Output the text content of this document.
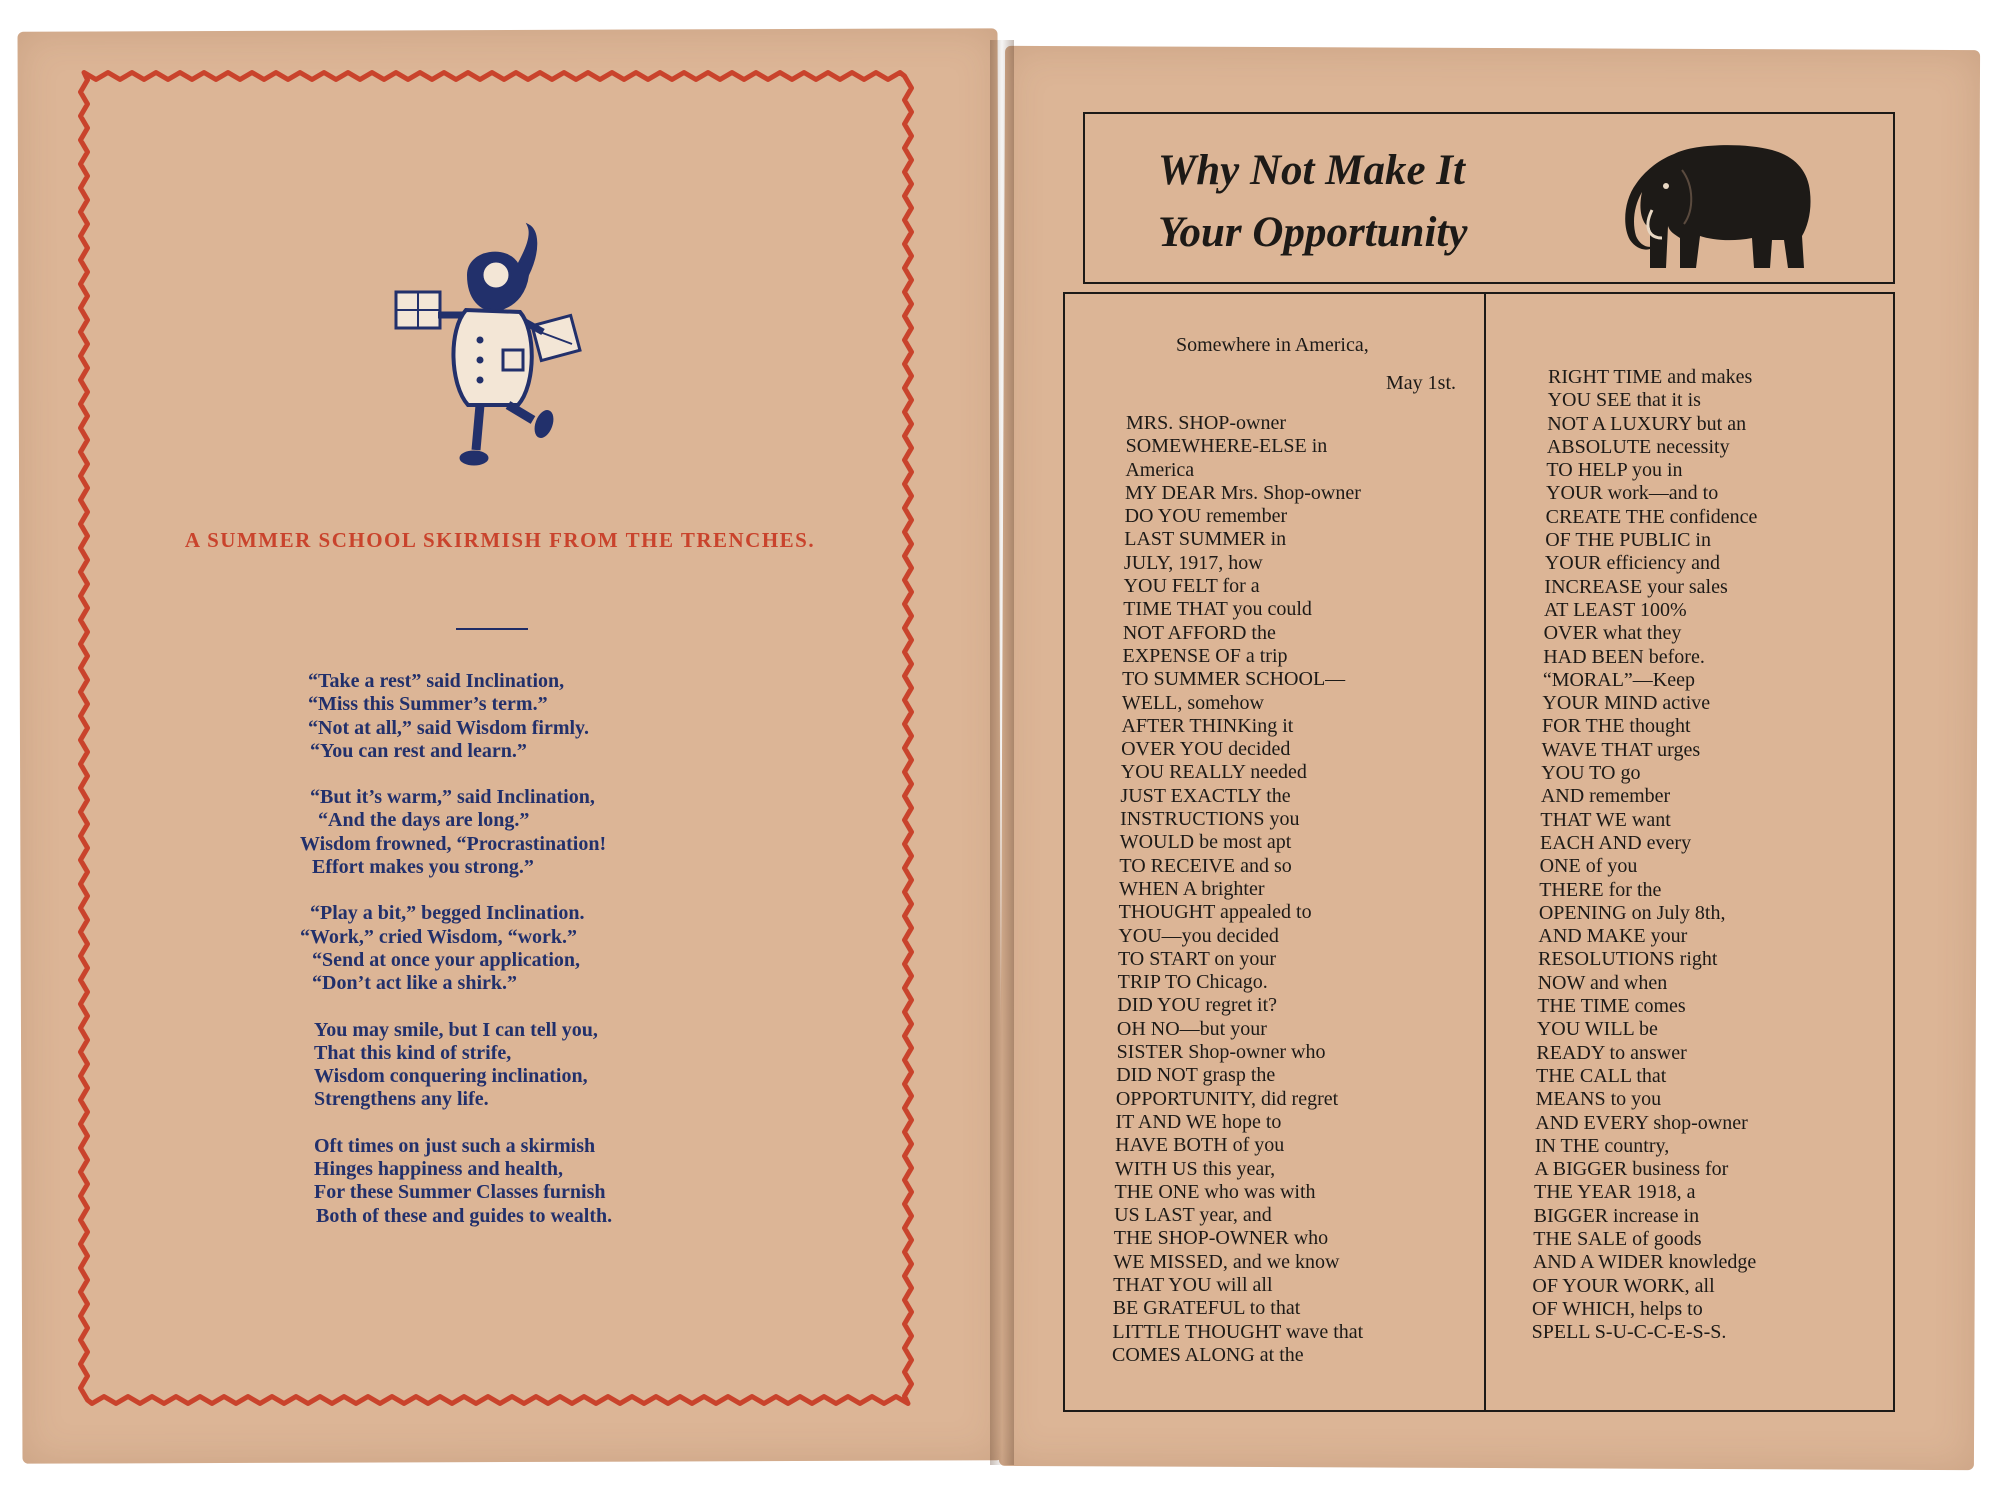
A SUMMER SCHOOL SKIRMISH FROM THE TRENCHES.
“Take a rest” said Inclination,
“Miss this Summer’s term.”
“Not at all,” said Wisdom firmly.
“You can rest and learn.”
“But it’s warm,” said Inclination,
“And the days are long.”
Wisdom frowned, “Procrastination!
Effort makes you strong.”
“Play a bit,” begged Inclination.
“Work,” cried Wisdom, “work.”
“Send at once your application,
“Don’t act like a shirk.”
You may smile, but I can tell you,
That this kind of strife,
Wisdom conquering inclination,
Strengthens any life.
Oft times on just such a skirmish
Hinges happiness and health,
For these Summer Classes furnish
Both of these and guides to wealth.
Why Not Make It
Your Opportunity
Somewhere in America,
May 1st.
MRS. SHOP-owner
SOMEWHERE-ELSE in
America
MY DEAR Mrs. Shop-owner
DO YOU remember
LAST SUMMER in
JULY, 1917, how
YOU FELT for a
TIME THAT you could
NOT AFFORD the
EXPENSE OF a trip
TO SUMMER SCHOOL—
WELL, somehow
AFTER THINKing it
OVER YOU decided
YOU REALLY needed
JUST EXACTLY the
INSTRUCTIONS you
WOULD be most apt
TO RECEIVE and so
WHEN A brighter
THOUGHT appealed to
YOU—you decided
TO START on your
TRIP TO Chicago.
DID YOU regret it?
OH NO—but your
SISTER Shop-owner who
DID NOT grasp the
OPPORTUNITY, did regret
IT AND WE hope to
HAVE BOTH of you
WITH US this year,
THE ONE who was with
US LAST year, and
THE SHOP-OWNER who
WE MISSED, and we know
THAT YOU will all
BE GRATEFUL to that
LITTLE THOUGHT wave that
COMES ALONG at the
RIGHT TIME and makes
YOU SEE that it is
NOT A LUXURY but an
ABSOLUTE necessity
TO HELP you in
YOUR work—and to
CREATE THE confidence
OF THE PUBLIC in
YOUR efficiency and
INCREASE your sales
AT LEAST 100%
OVER what they
HAD BEEN before.
“MORAL”—Keep
YOUR MIND active
FOR THE thought
WAVE THAT urges
YOU TO go
AND remember
THAT WE want
EACH AND every
ONE of you
THERE for the
OPENING on July 8th,
AND MAKE your
RESOLUTIONS right
NOW and when
THE TIME comes
YOU WILL be
READY to answer
THE CALL that
MEANS to you
AND EVERY shop-owner
IN THE country,
A BIGGER business for
THE YEAR 1918, a
BIGGER increase in
THE SALE of goods
AND A WIDER knowledge
OF YOUR WORK, all
OF WHICH, helps to
SPELL S-U-C-C-E-S-S.
